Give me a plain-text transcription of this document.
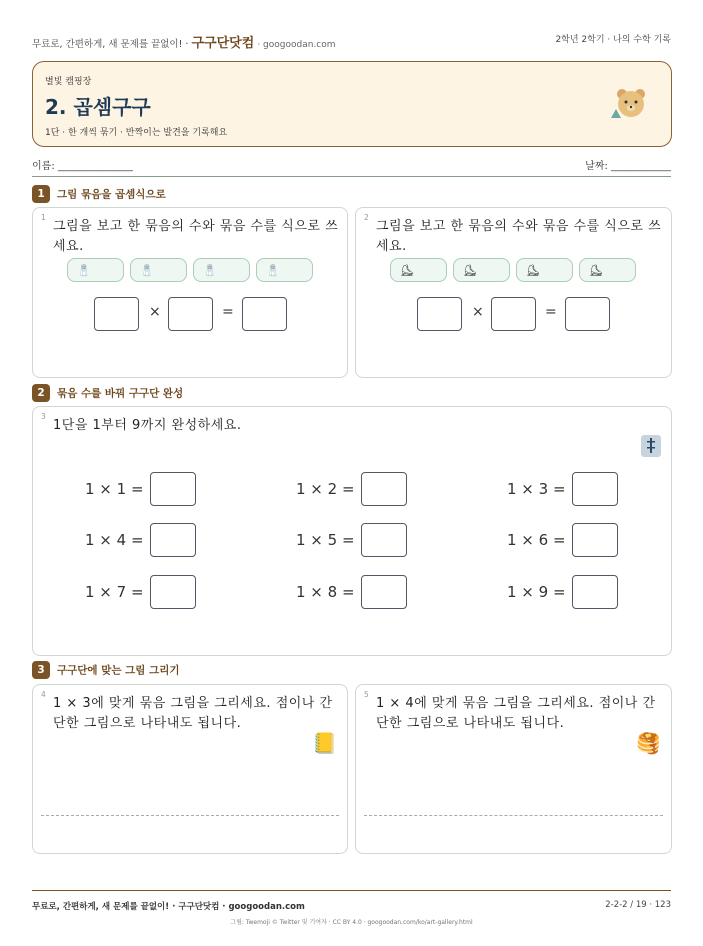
무료로, 간편하게, 새 문제를 끝없이! · 구구단닷컴 · googoodan.com	2학년 2학기 · 나의 수학 기록
별빛 캠핑장
2. 곱셈구구
1단 · 한 개씩 묶기 · 반짝이는 발견을 기록해요
이름: _______________	날짜: ____________
1 그림 묶음을 곱셈식으로
1
그림을 보고 한 묶음의 수와 묶음 수를 식으로 쓰세요.
🧂	🧂	🧂	🧂
×	=
2
그림을 보고 한 묶음의 수와 묶음 수를 식으로 쓰세요.
⛸	⛸	⛸	⛸
×	=
2 묶음 수를 바꿔 구구단 완성
3
1단을 1부터 9까지 완성하세요.
1 × 1 =	1 × 2 =	1 × 3 =
1 × 4 =	1 × 5 =	1 × 6 =
1 × 7 =	1 × 8 =	1 × 9 =
3 구구단에 맞는 그림 그리기
4
1 × 3에 맞게 묶음 그림을 그리세요. 점이나 간단한 그림으로 나타내도 됩니다.
📒
5
1 × 4에 맞게 묶음 그림을 그리세요. 점이나 간단한 그림으로 나타내도 됩니다.
🥞
무료로, 간편하게, 새 문제를 끝없이! · 구구단닷컴 · googoodan.com	2-2-2 / 19 · 123
그림: Twemoji © Twitter 및 기여자 · CC BY 4.0 · googoodan.com/ko/art-gallery.html
